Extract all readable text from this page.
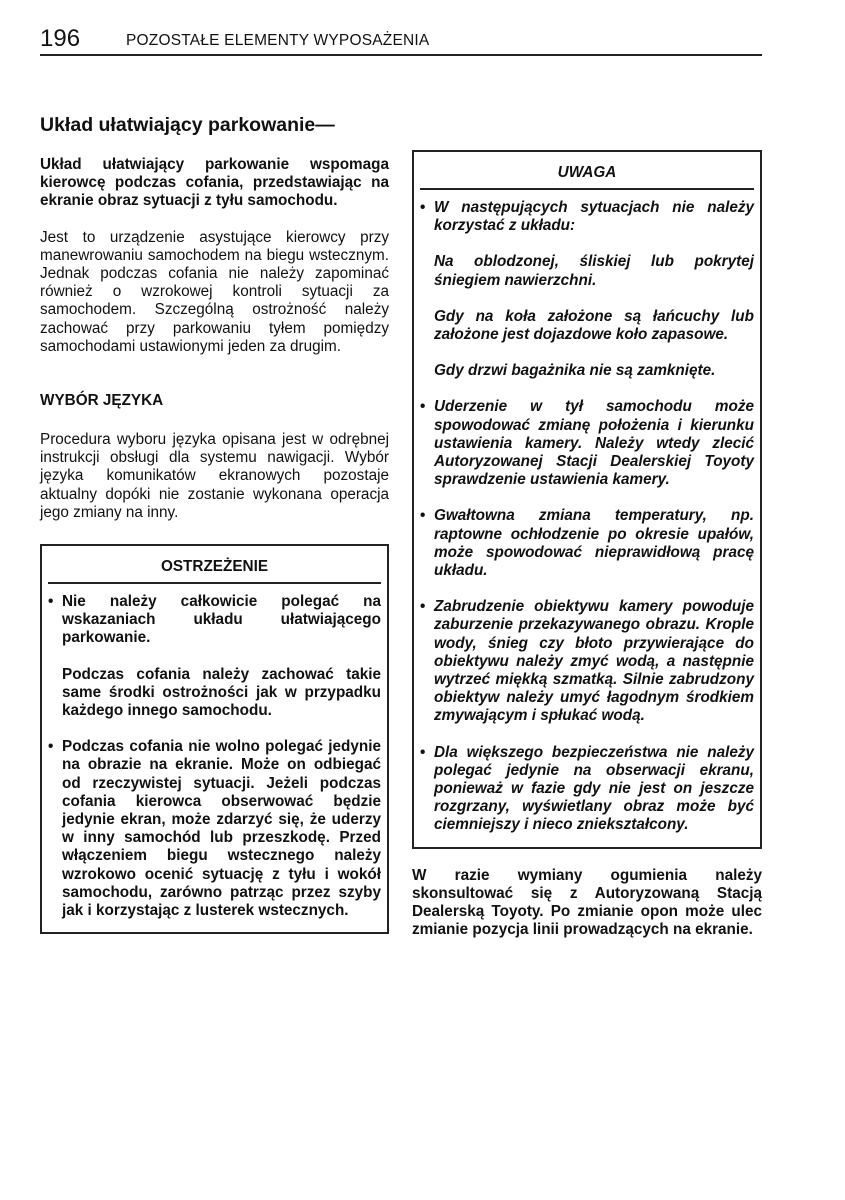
196	POZOSTAŁE ELEMENTY WYPOSAŻENIA
Układ ułatwiający parkowanie—

Układ ułatwiający parkowanie wspomaga kierowcę podczas cofania, przedstawiając na ekranie obraz sytuacji z tyłu samochodu.

Jest to urządzenie asystujące kierowcy przy manewrowaniu samochodem na biegu wstecznym. Jednak podczas cofania nie należy zapominać również o wzrokowej kontroli sytuacji za samochodem. Szczególną ostrożność należy zachować przy parkowaniu tyłem pomiędzy samochodami ustawionymi jeden za drugim.

WYBÓR JĘZYKA

Procedura wyboru języka opisana jest w odrębnej instrukcji obsługi dla systemu nawigacji. Wybór języka komunikatów ekranowych pozostaje aktualny dopóki nie zostanie wykonana operacja jego zmiany na inny.

OSTRZEŻENIE
• Nie należy całkowicie polegać na wskazaniach układu ułatwiającego parkowanie.

Podczas cofania należy zachować takie same środki ostrożności jak w przypadku każdego innego samochodu.

• Podczas cofania nie wolno polegać jedynie na obrazie na ekranie. Może on odbiegać od rzeczywistej sytuacji. Jeżeli podczas cofania kierowca obserwować będzie jedynie ekran, może zdarzyć się, że uderzy w inny samochód lub przeszkodę. Przed włączeniem biegu wstecznego należy wzrokowo ocenić sytuację z tyłu i wokół samochodu, zarówno patrząc przez szyby jak i korzystając z lusterek wstecznych.

UWAGA
• W następujących sytuacjach nie należy korzystać z układu:

Na oblodzonej, śliskiej lub pokrytej śniegiem nawierzchni.

Gdy na koła założone są łańcuchy lub założone jest dojazdowe koło zapasowe.

Gdy drzwi bagażnika nie są zamknięte.

• Uderzenie w tył samochodu może spowodować zmianę położenia i kierunku ustawienia kamery. Należy wtedy zlecić Autoryzowanej Stacji Dealerskiej Toyoty sprawdzenie ustawienia kamery.

• Gwałtowna zmiana temperatury, np. raptowne ochłodzenie po okresie upałów, może spowodować nieprawidłową pracę układu.

• Zabrudzenie obiektywu kamery powoduje zaburzenie przekazywanego obrazu. Krople wody, śnieg czy błoto przywierające do obiektywu należy zmyć wodą, a następnie wytrzeć miękką szmatką. Silnie zabrudzony obiektyw należy umyć łagodnym środkiem zmywającym i spłukać wodą.

• Dla większego bezpieczeństwa nie należy polegać jedynie na obserwacji ekranu, ponieważ w fazie gdy nie jest on jeszcze rozgrzany, wyświetlany obraz może być ciemniejszy i nieco zniekształcony.

W razie wymiany ogumienia należy skonsultować się z Autoryzowaną Stacją Dealerską Toyoty. Po zmianie opon może ulec zmianie pozycja linii prowadzących na ekranie.
